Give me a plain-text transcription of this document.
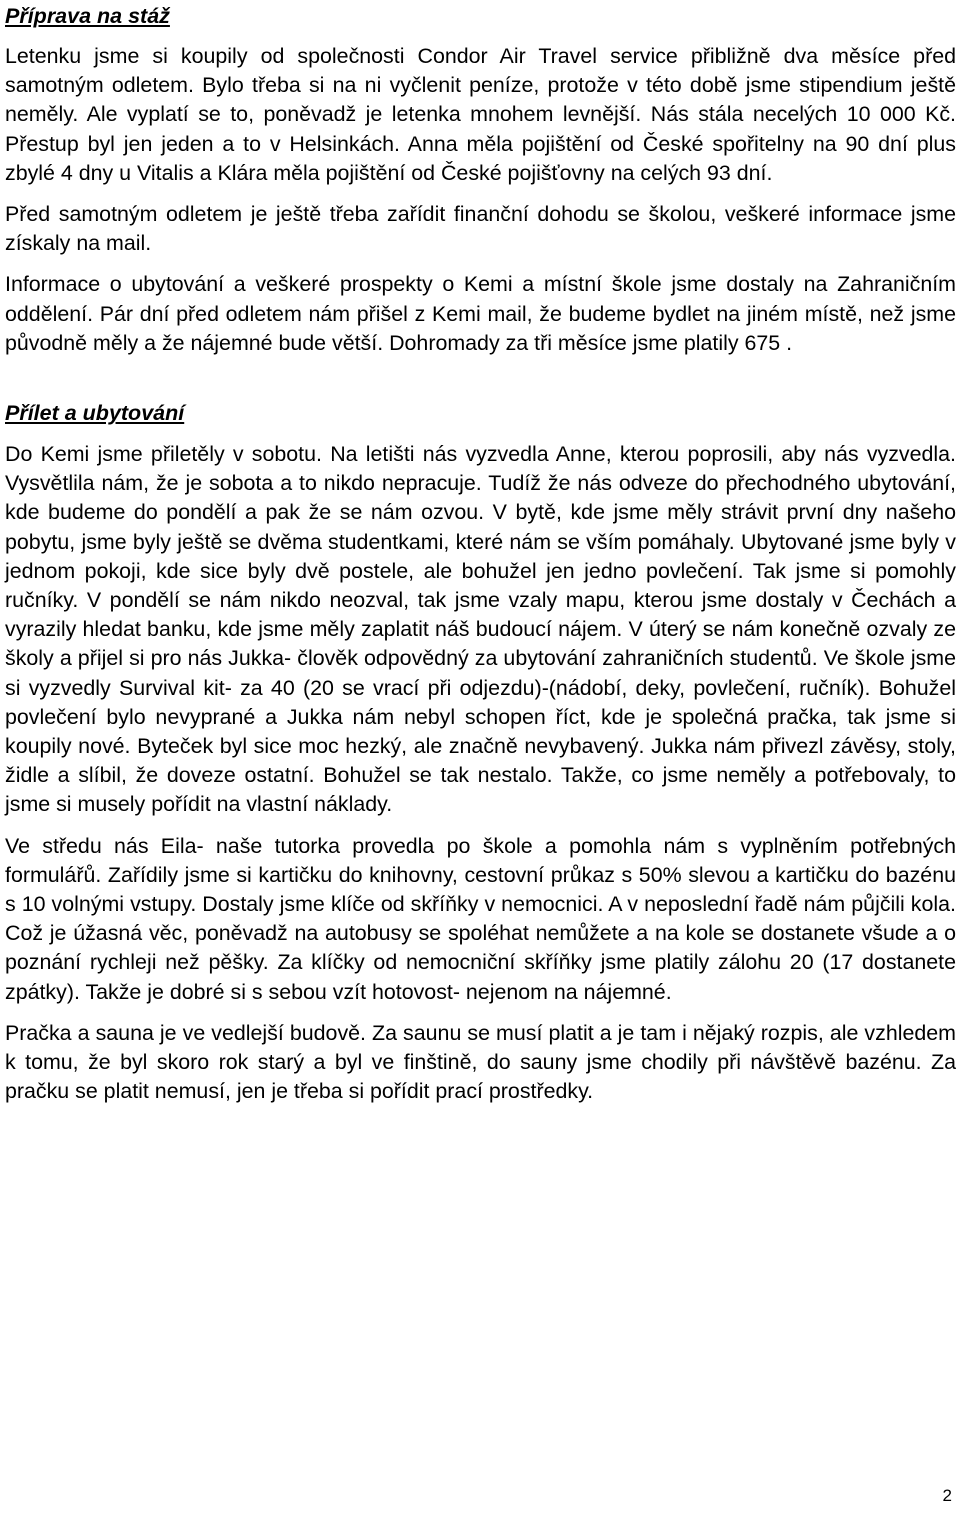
Příprava na stáž

Letenku jsme si koupily od společnosti Condor Air Travel service přibližně dva měsíce před samotným odletem. Bylo třeba si na ni vyčlenit peníze, protože v této době jsme stipendium ještě neměly. Ale vyplatí se to, poněvadž je letenka mnohem levnější. Nás stála necelých 10 000 Kč. Přestup byl jen jeden a to v Helsinkách. Anna měla pojištění od České spořitelny na 90 dní plus zbylé 4 dny u Vitalis a Klára měla pojištění od České pojišťovny na celých 93 dní.

Před samotným odletem je ještě třeba zařídit finanční dohodu se školou, veškeré informace jsme získaly na mail.

Informace o ubytování a veškeré prospekty o Kemi a místní škole jsme dostaly na Zahraničním oddělení. Pár dní před odletem nám přišel z Kemi mail, že budeme bydlet na jiném místě, než jsme původně měly a že nájemné bude větší. Dohromady za tři měsíce jsme platily 675 .

Přílet a ubytování

Do Kemi jsme přiletěly v sobotu. Na letišti nás vyzvedla Anne, kterou poprosili, aby nás vyzvedla. Vysvětlila nám, že je sobota a to nikdo nepracuje. Tudíž že nás odveze do přechodného ubytování, kde budeme do pondělí a pak že se nám ozvou. V bytě, kde jsme měly strávit první dny našeho pobytu, jsme byly ještě se dvěma studentkami, které nám se vším pomáhaly. Ubytované jsme byly v jednom pokoji, kde sice byly dvě postele, ale bohužel jen jedno povlečení. Tak jsme si pomohly ručníky. V pondělí se nám nikdo neozval, tak jsme vzaly mapu, kterou jsme dostaly v Čechách a vyrazily hledat banku, kde jsme měly zaplatit náš budoucí nájem. V úterý se nám konečně ozvaly ze školy a přijel si pro nás Jukka- člověk odpovědný za ubytování zahraničních studentů. Ve škole jsme si vyzvedly Survival kit- za 40 (20 se vrací při odjezdu)-(nádobí, deky, povlečení, ručník). Bohužel povlečení bylo nevyprané a Jukka nám nebyl schopen říct, kde je společná pračka, tak jsme si koupily nové. Byteček byl sice moc hezký, ale značně nevybavený. Jukka nám přivezl závěsy, stoly, židle a slíbil, že doveze ostatní. Bohužel se tak nestalo. Takže, co jsme neměly a potřebovaly, to jsme si musely pořídit na vlastní náklady.

Ve středu nás Eila- naše tutorka provedla po škole a pomohla nám s vyplněním potřebných formulářů. Zařídily jsme si kartičku do knihovny, cestovní průkaz s 50% slevou a kartičku do bazénu s 10 volnými vstupy. Dostaly jsme klíče od skříňky v nemocnici. A v neposlední řadě nám půjčili kola. Což je úžasná věc, poněvadž na autobusy se spoléhat nemůžete a na kole se dostanete všude a o poznání rychleji než pěšky. Za klíčky od nemocniční skříňky jsme platily zálohu 20 (17 dostanete zpátky). Takže je dobré si s sebou vzít hotovost- nejenom na nájemné.

Pračka a sauna je ve vedlejší budově. Za saunu se musí platit a je tam i nějaký rozpis, ale vzhledem k tomu, že byl skoro rok starý a byl ve finštině, do sauny jsme chodily při návštěvě bazénu. Za pračku se platit nemusí, jen je třeba si pořídit prací prostředky.

2
